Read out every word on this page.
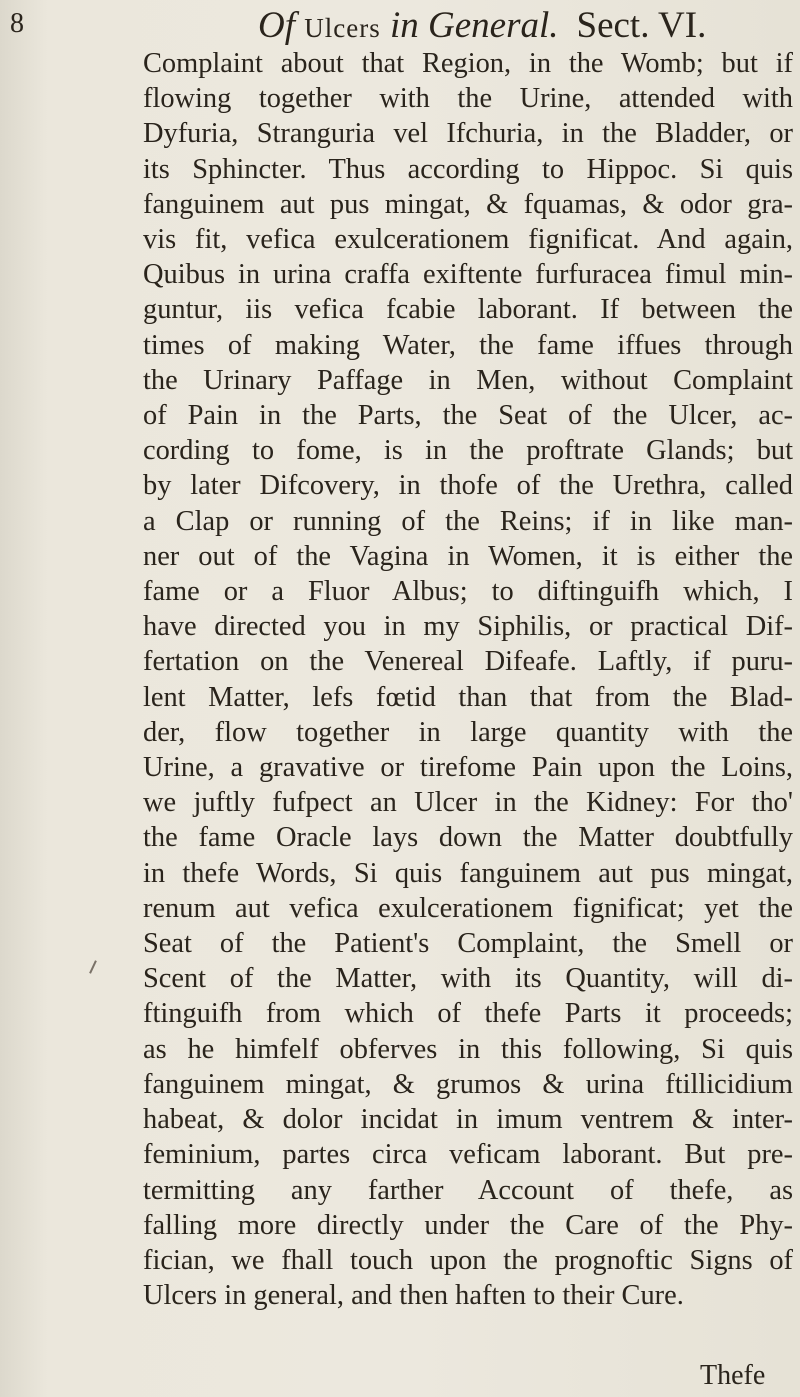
8	Of Ulcers in General. Sect. VI.
Complaint about that Region, in the Womb; but if
flowing together with the Urine, attended with
Dyfuria, Stranguria vel Ifchuria, in the Bladder, or
its Sphincter. Thus according to Hippoc. Si quis
fanguinem aut pus mingat, & fquamas, & odor gra-
vis fit, vefica exulcerationem fignificat. And again,
Quibus in urina craffa exiftente furfuracea fimul min-
guntur, iis vefica fcabie laborant. If between the
times of making Water, the fame iffues through
the Urinary Paffage in Men, without Complaint
of Pain in the Parts, the Seat of the Ulcer, ac-
cording to fome, is in the proftrate Glands; but
by later Difcovery, in thofe of the Urethra, called
a Clap or running of the Reins; if in like man-
ner out of the Vagina in Women, it is either the
fame or a Fluor Albus; to diftinguifh which, I
have directed you in my Siphilis, or practical Dif-
fertation on the Venereal Difeafe. Laftly, if puru-
lent Matter, lefs fœtid than that from the Blad-
der, flow together in large quantity with the
Urine, a gravative or tirefome Pain upon the Loins,
we juftly fufpect an Ulcer in the Kidney: For tho'
the fame Oracle lays down the Matter doubtfully
in thefe Words, Si quis fanguinem aut pus mingat,
renum aut vefica exulcerationem fignificat; yet the
Seat of the Patient's Complaint, the Smell or
Scent of the Matter, with its Quantity, will di-
ftinguifh from which of thefe Parts it proceeds;
as he himfelf obferves in this following, Si quis
fanguinem mingat, & grumos & urina ftillicidium
habeat, & dolor incidat in imum ventrem & inter-
feminium, partes circa veficam laborant. But pre-
termitting any farther Account of thefe, as
falling more directly under the Care of the Phy-
fician, we fhall touch upon the prognoftic Signs of
Ulcers in general, and then haften to their Cure.
Thefe
